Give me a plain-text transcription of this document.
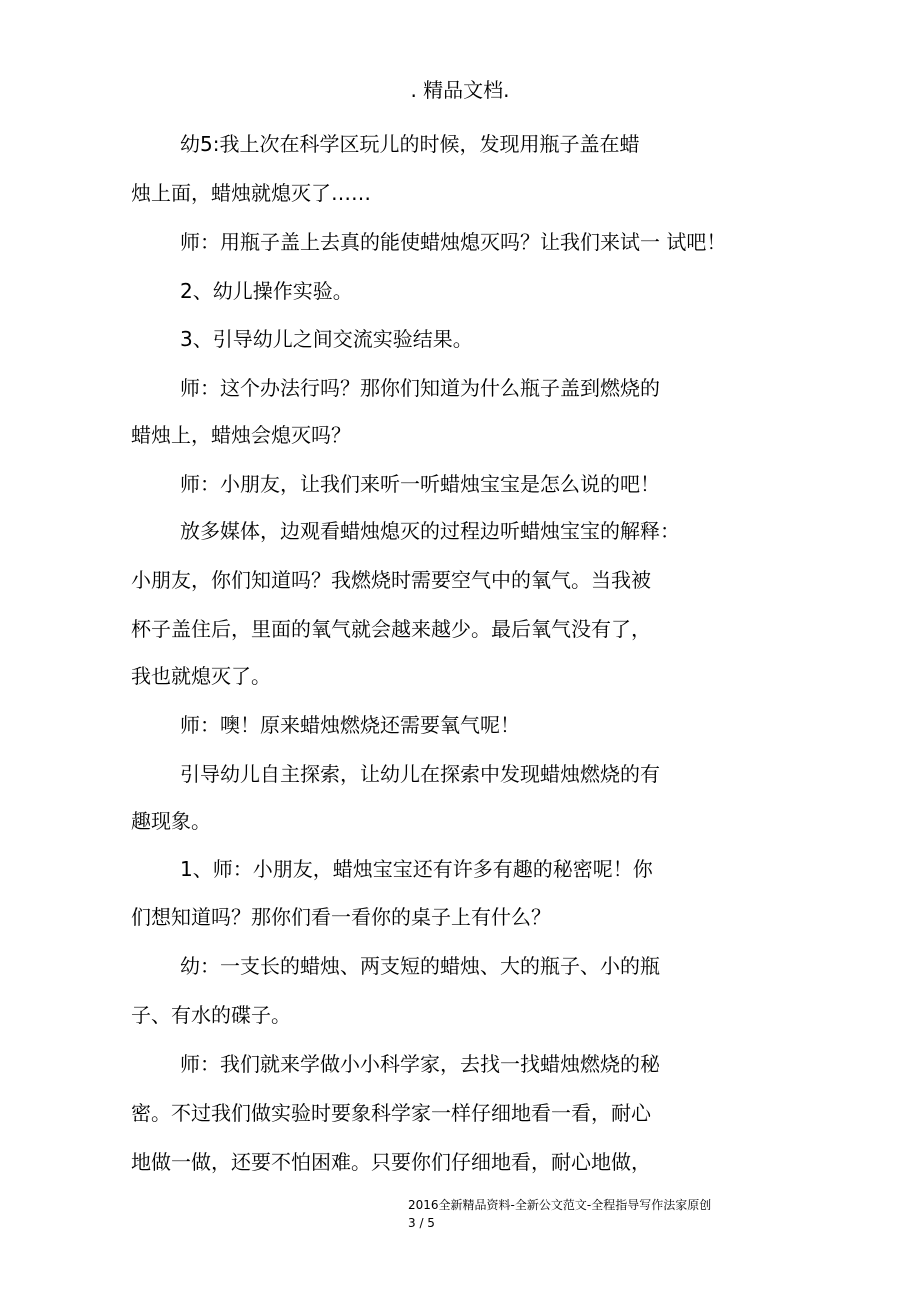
. 精品文档.
幼5:我上次在科学区玩儿的时候，发现用瓶子盖在蜡
烛上面，蜡烛就熄灭了……
师：用瓶子盖上去真的能使蜡烛熄灭吗？让我们来试一 试吧！
2、幼儿操作实验。
3、引导幼儿之间交流实验结果。
师：这个办法行吗？那你们知道为什么瓶子盖到燃烧的
蜡烛上，蜡烛会熄灭吗？
师：小朋友，让我们来听一听蜡烛宝宝是怎么说的吧！
放多媒体，边观看蜡烛熄灭的过程边听蜡烛宝宝的解释：
小朋友，你们知道吗？我燃烧时需要空气中的氧气。当我被
杯子盖住后，里面的氧气就会越来越少。最后氧气没有了，
我也就熄灭了。
师：噢！原来蜡烛燃烧还需要氧气呢！
引导幼儿自主探索，让幼儿在探索中发现蜡烛燃烧的有
趣现象。
1、师：小朋友，蜡烛宝宝还有许多有趣的秘密呢！你
们想知道吗？那你们看一看你的桌子上有什么？
幼：一支长的蜡烛、两支短的蜡烛、大的瓶子、小的瓶
子、有水的碟子。
师：我们就来学做小小科学家，去找一找蜡烛燃烧的秘
密。不过我们做实验时要象科学家一样仔细地看一看，耐心
地做一做，还要不怕困难。只要你们仔细地看，耐心地做，
2016全新精品资料-全新公文范文-全程指导写作法家原创
3 / 5
